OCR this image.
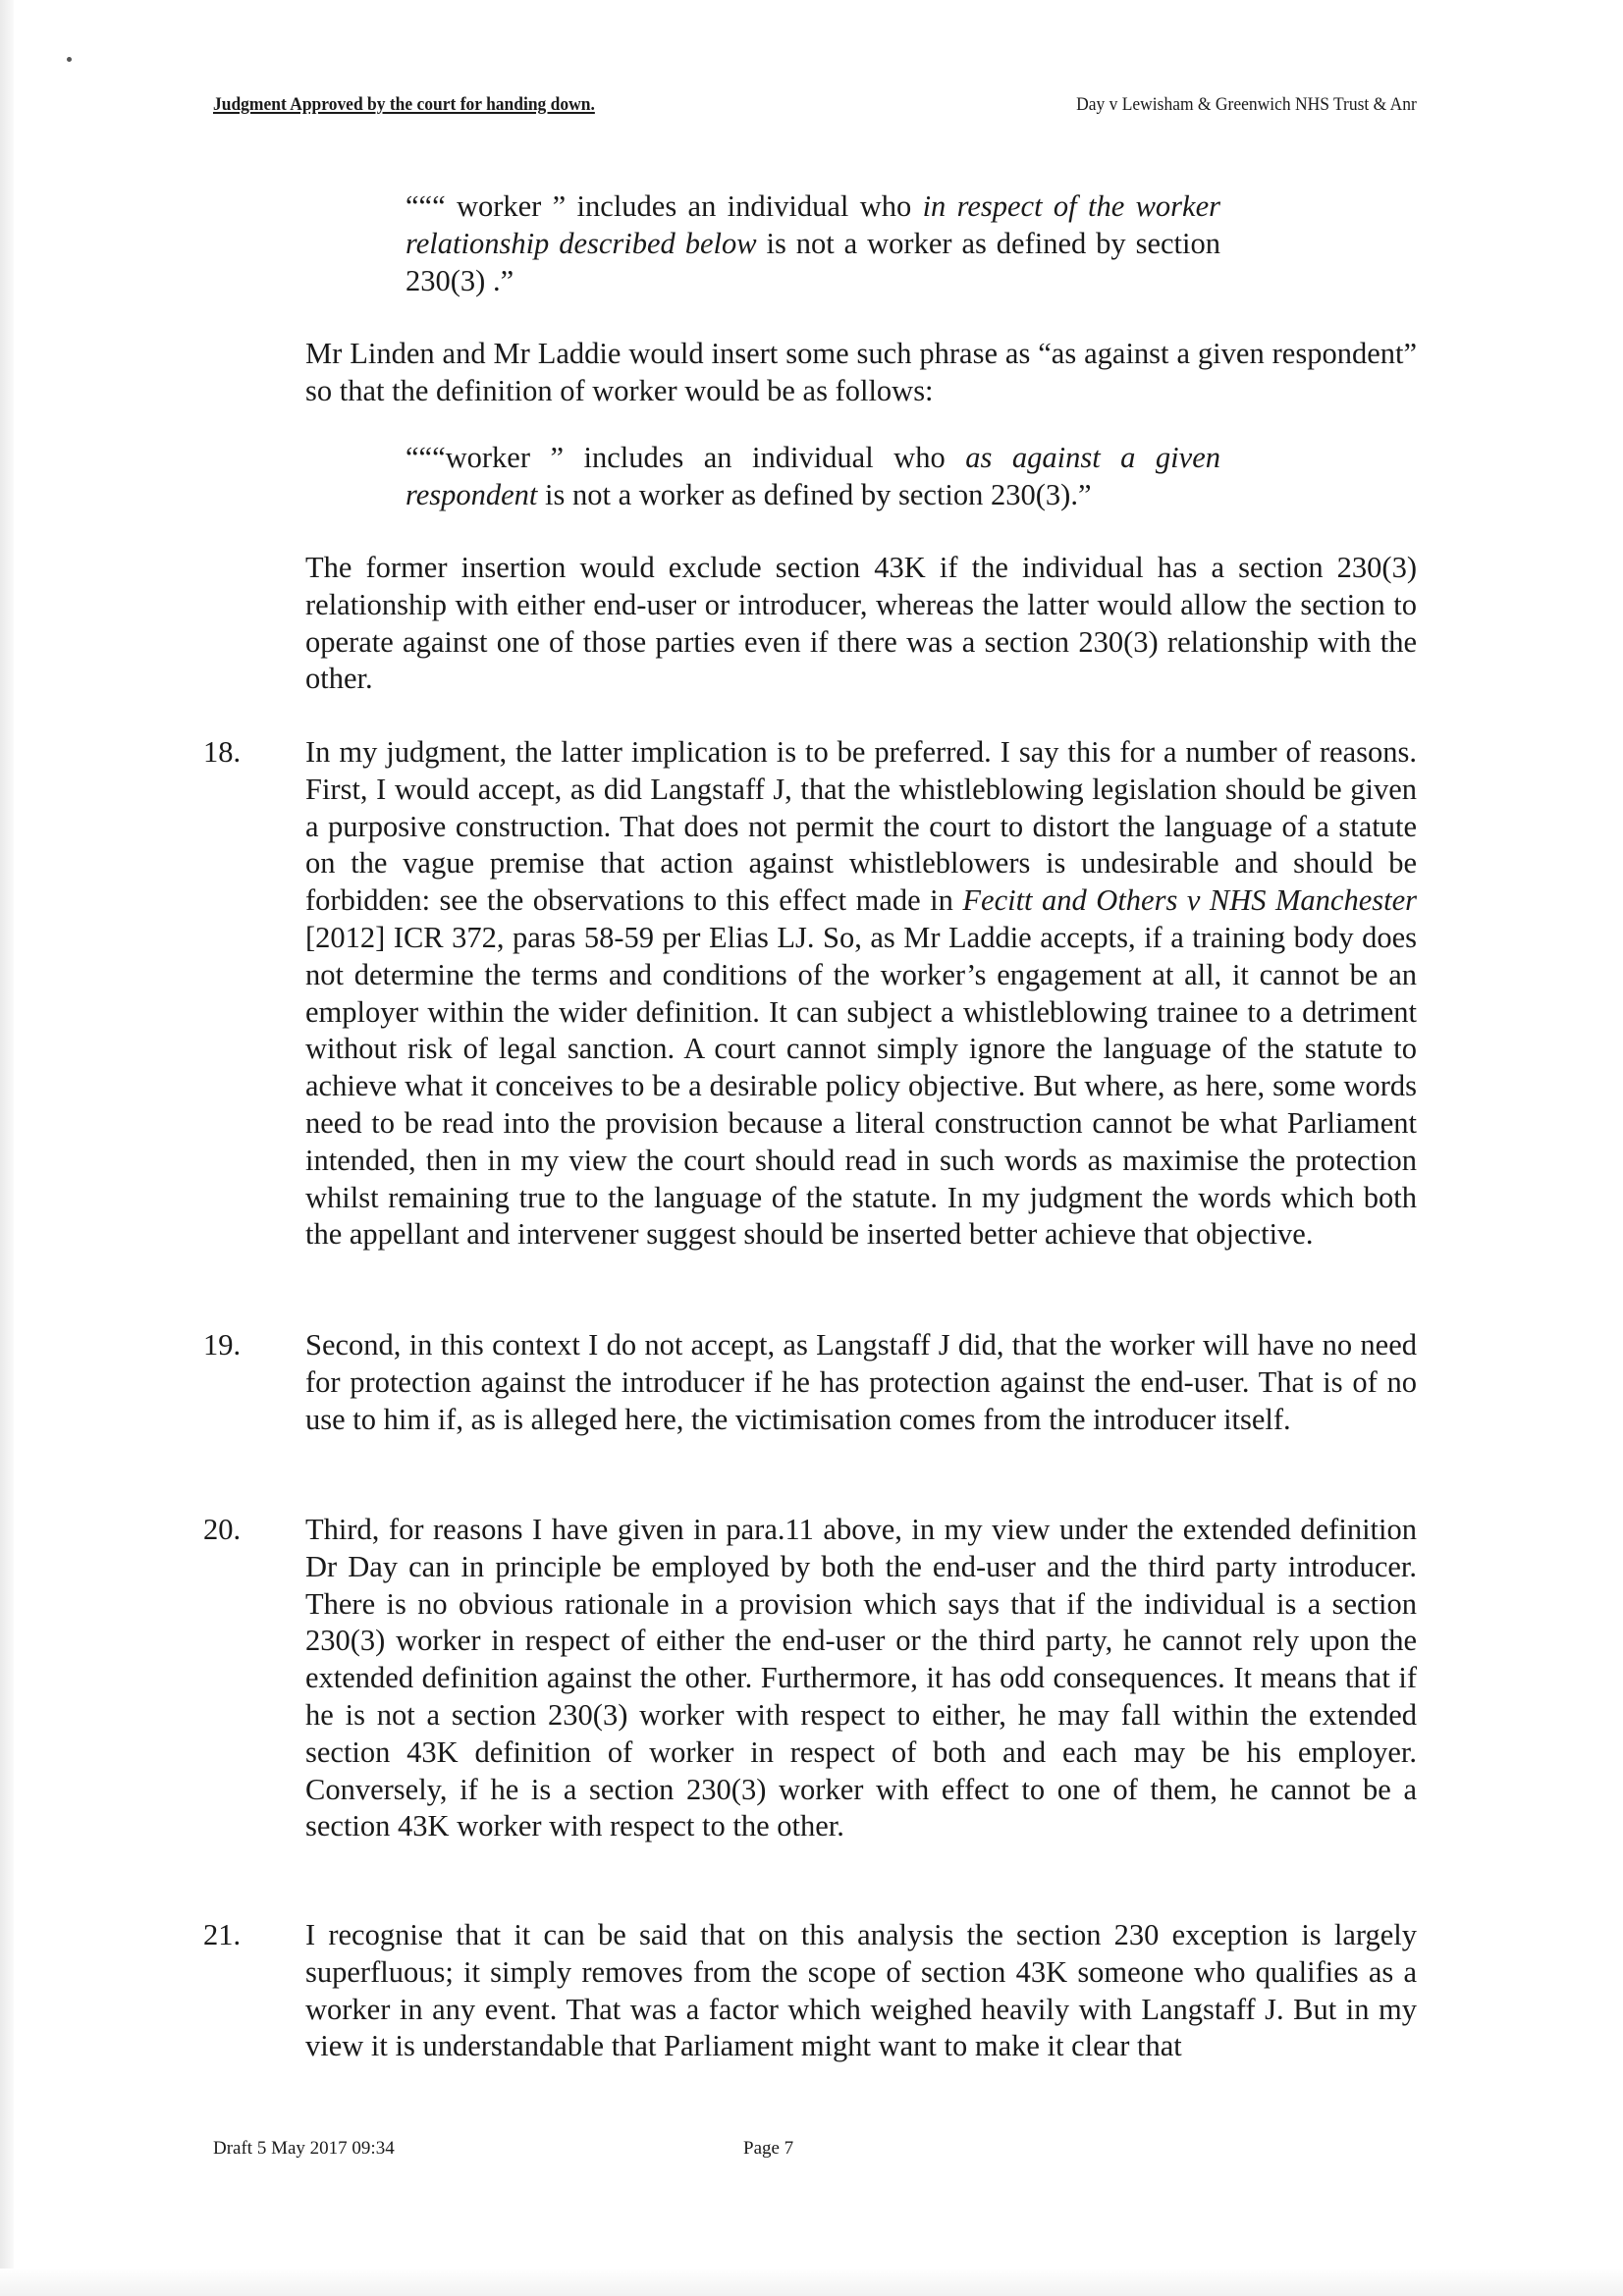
Judgment Approved by the court for handing down.	Day v Lewisham & Greenwich NHS Trust & Anr
“““ worker ” includes an individual who in respect of the worker relationship described below is not a worker as defined by section 230(3) .”
Mr Linden and Mr Laddie would insert some such phrase as “as against a given respondent” so that the definition of worker would be as follows:
“““worker ” includes an individual who as against a given respondent is not a worker as defined by section 230(3).”
The former insertion would exclude section 43K if the individual has a section 230(3) relationship with either end-user or introducer, whereas the latter would allow the section to operate against one of those parties even if there was a section 230(3) relationship with the other.
18.	In my judgment, the latter implication is to be preferred. I say this for a number of reasons. First, I would accept, as did Langstaff J, that the whistleblowing legislation should be given a purposive construction. That does not permit the court to distort the language of a statute on the vague premise that action against whistleblowers is undesirable and should be forbidden: see the observations to this effect made in Fecitt and Others v NHS Manchester [2012] ICR 372, paras 58-59 per Elias LJ. So, as Mr Laddie accepts, if a training body does not determine the terms and conditions of the worker’s engagement at all, it cannot be an employer within the wider definition. It can subject a whistleblowing trainee to a detriment without risk of legal sanction. A court cannot simply ignore the language of the statute to achieve what it conceives to be a desirable policy objective. But where, as here, some words need to be read into the provision because a literal construction cannot be what Parliament intended, then in my view the court should read in such words as maximise the protection whilst remaining true to the language of the statute. In my judgment the words which both the appellant and intervener suggest should be inserted better achieve that objective.
19.	Second, in this context I do not accept, as Langstaff J did, that the worker will have no need for protection against the introducer if he has protection against the end-user. That is of no use to him if, as is alleged here, the victimisation comes from the introducer itself.
20.	Third, for reasons I have given in para.11 above, in my view under the extended definition Dr Day can in principle be employed by both the end-user and the third party introducer. There is no obvious rationale in a provision which says that if the individual is a section 230(3) worker in respect of either the end-user or the third party, he cannot rely upon the extended definition against the other. Furthermore, it has odd consequences. It means that if he is not a section 230(3) worker with respect to either, he may fall within the extended section 43K definition of worker in respect of both and each may be his employer. Conversely, if he is a section 230(3) worker with effect to one of them, he cannot be a section 43K worker with respect to the other.
21.	I recognise that it can be said that on this analysis the section 230 exception is largely superfluous; it simply removes from the scope of section 43K someone who qualifies as a worker in any event. That was a factor which weighed heavily with Langstaff J. But in my view it is understandable that Parliament might want to make it clear that
Draft 5 May 2017 09:34	Page 7
